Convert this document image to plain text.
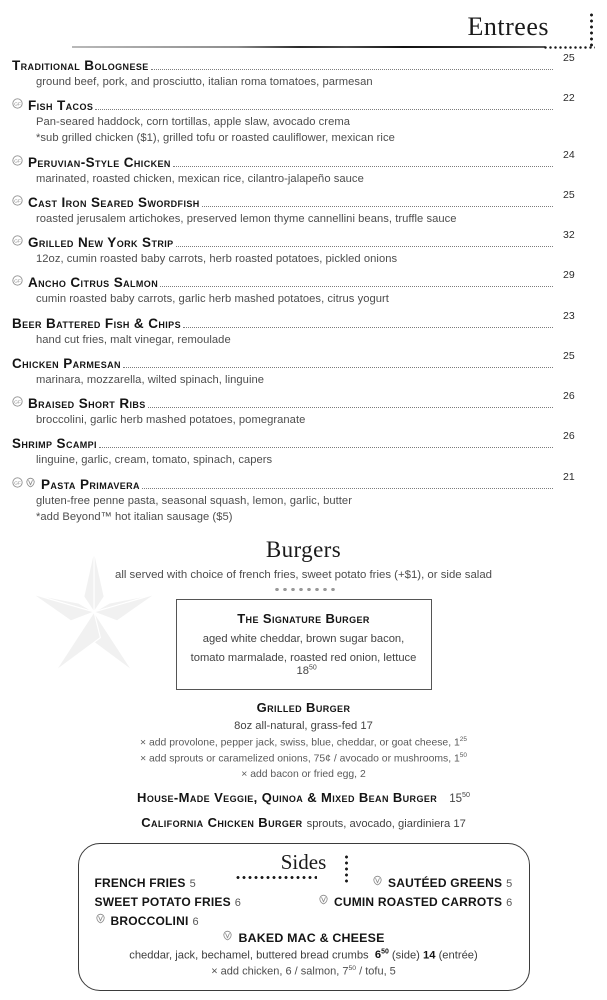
Entrees
Traditional Bolognese	25
ground beef, pork, and prosciutto, italian roma tomatoes, parmesan
GF Fish Tacos	22
Pan-seared haddock, corn tortillas, apple slaw, avocado crema
*sub grilled chicken ($1), grilled tofu or roasted cauliflower, mexican rice
GF Peruvian-Style Chicken	24
marinated, roasted chicken, mexican rice, cilantro-jalapeño sauce
GF Cast Iron Seared Swordfish	25
roasted jerusalem artichokes, preserved lemon thyme cannellini beans, truffle sauce
GF Grilled New York Strip	32
12oz, cumin roasted baby carrots, herb roasted potatoes, pickled onions
GF Ancho Citrus Salmon	29
cumin roasted baby carrots, garlic herb mashed potatoes, citrus yogurt
Beer Battered Fish & Chips	23
hand cut fries, malt vinegar, remoulade
Chicken Parmesan	25
marinara, mozzarella, wilted spinach, linguine
GF Braised Short Ribs	26
broccolini, garlic herb mashed potatoes, pomegranate
Shrimp Scampi	26
linguine, garlic, cream, tomato, spinach, capers
GF Pasta Primavera	21
gluten-free penne pasta, seasonal squash, lemon, garlic, butter
*add Beyond™ hot italian sausage ($5)
Burgers
all served with choice of french fries, sweet potato fries (+$1), or side salad
The Signature Burger
aged white cheddar, brown sugar bacon,
tomato marmalade, roasted red onion, lettuce   $18^{50}$
Grilled Burger
8oz all-natural, grass-fed 17
× add provolone, pepper jack, swiss, blue, cheddar, or goat cheese, $1^{25}$
× add sprouts or caramelized onions, 75¢ / avocado or mushrooms, $1^{50}$
× add bacon or fried egg, 2
House-Made Veggie, Quinoa & Mixed Bean Burger $15^{50}$
California Chicken Burger sprouts, avocado, giardiniera 17
Sides
FRENCH FRIES 5
SWEET POTATO FRIES 6
BROCCOLINI 6
SAUTÉED GREENS 5
CUMIN ROASTED CARROTS 6
BAKED MAC & CHEESE
cheddar, jack, bechamel, buttered bread crumbs $6^{50}$ (side) 14 (entrée)
× add chicken, 6 / salmon, $7^{50}$ / tofu, 5
